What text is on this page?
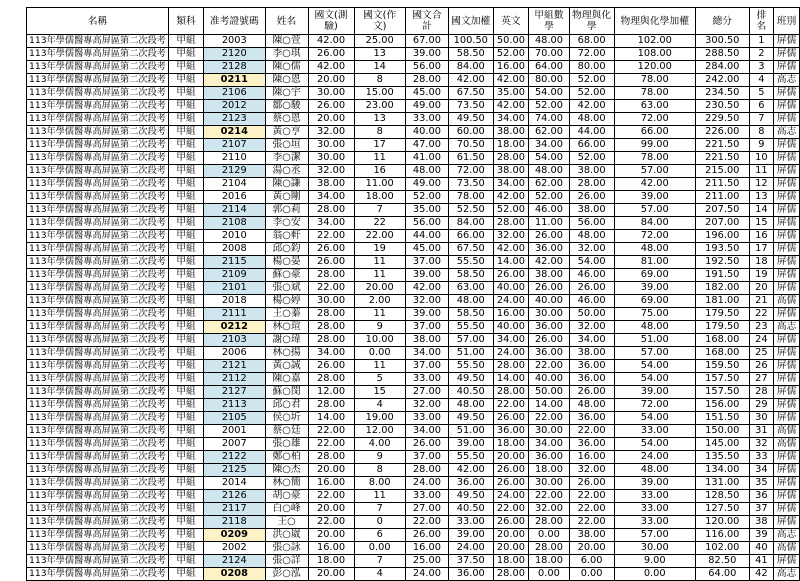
名稱	類科	准考證號碼	姓名	國文(測驗)	國文(作文)	國文合計	國文加權	英文	甲組數學	物理與化學	物理與化學加權	總分	排名	班別
113年學儒醫專高屏區第二次段考	甲組	2003	陳○萱	42.00	25.00	67.00	100.50	50.00	48.00	68.00	102.00	300.50	1	屏儒
113年學儒醫專高屏區第二次段考	甲組	2120	李○琪	26.00	13	39.00	58.50	52.00	70.00	72.00	108.00	288.50	2	屏儒
113年學儒醫專高屏區第二次段考	甲組	2128	陳○儒	42.00	14	56.00	84.00	16.00	64.00	80.00	120.00	284.00	3	屏儒
113年學儒醫專高屏區第二次段考	甲組	0211	陳○恩	20.00	8	28.00	42.00	42.00	80.00	52.00	78.00	242.00	4	高志
113年學儒醫專高屏區第二次段考	甲組	2106	陳○宇	30.00	15.00	45.00	67.50	35.00	54.00	52.00	78.00	234.50	5	屏儒
113年學儒醫專高屏區第二次段考	甲組	2012	鄒○駿	26.00	23.00	49.00	73.50	42.00	52.00	42.00	63.00	230.50	6	屏儒
113年學儒醫專高屏區第二次段考	甲組	2123	蔡○恩	20.00	13	33.00	49.50	34.00	74.00	48.00	72.00	229.50	7	屏儒
113年學儒醫專高屏區第二次段考	甲組	0214	黃○亨	32.00	8	40.00	60.00	38.00	62.00	44.00	66.00	226.00	8	高志
113年學儒醫專高屏區第二次段考	甲組	2107	張○垣	30.00	17	47.00	70.50	18.00	34.00	66.00	99.00	221.50	9	屏儒
113年學儒醫專高屏區第二次段考	甲組	2110	李○潔	30.00	11	41.00	61.50	28.00	54.00	52.00	78.00	221.50	10	屏儒
113年學儒醫專高屏區第二次段考	甲組	2129	湯○丞	32.00	16	48.00	72.00	38.00	48.00	38.00	57.00	215.00	11	屏儒
113年學儒醫專高屏區第二次段考	甲組	2104	陳○謙	38.00	11.00	49.00	73.50	34.00	62.00	28.00	42.00	211.50	12	屏儒
113年學儒醫專高屏區第二次段考	甲組	2016	黃○剛	34.00	18.00	52.00	78.00	42.00	52.00	26.00	39.00	211.00	13	屏儒
113年學儒醫專高屏區第二次段考	甲組	2114	郭○莉	28.00	7	35.00	52.50	52.00	46.00	38.00	57.00	207.50	14	屏儒
113年學儒醫專高屏區第二次段考	甲組	2108	李○安	34.00	22	56.00	84.00	28.00	11.00	56.00	84.00	207.00	15	屏儒
113年學儒醫專高屏區第二次段考	甲組	2010	翁○軒	22.00	22.00	44.00	66.00	32.00	26.00	48.00	72.00	196.00	16	屏儒
113年學儒醫專高屏區第二次段考	甲組	2008	邱○鈞	26.00	19	45.00	67.50	42.00	36.00	32.00	48.00	193.50	17	屏儒
113年學儒醫專高屏區第二次段考	甲組	2115	楊○晏	26.00	11	37.00	55.50	14.00	42.00	54.00	81.00	192.50	18	屏儒
113年學儒醫專高屏區第二次段考	甲組	2109	蘇○豪	28.00	11	39.00	58.50	26.00	38.00	46.00	69.00	191.50	19	屏儒
113年學儒醫專高屏區第二次段考	甲組	2101	張○斌	22.00	20.00	42.00	63.00	40.00	26.00	26.00	39.00	182.00	20	屏儒
113年學儒醫專高屏區第二次段考	甲組	2018	楊○婷	30.00	2.00	32.00	48.00	24.00	40.00	46.00	69.00	181.00	21	高儒
113年學儒醫專高屏區第二次段考	甲組	2111	王○蓁	28.00	11	39.00	58.50	16.00	30.00	50.00	75.00	179.50	22	屏儒
113年學儒醫專高屏區第二次段考	甲組	0212	林○瑄	28.00	9	37.00	55.50	40.00	36.00	32.00	48.00	179.50	23	高志
113年學儒醫專高屏區第二次段考	甲組	2103	謝○瑋	28.00	10.00	38.00	57.00	34.00	26.00	34.00	51.00	168.00	24	屏儒
113年學儒醫專高屏區第二次段考	甲組	2006	林○揚	34.00	0.00	34.00	51.00	24.00	36.00	38.00	57.00	168.00	25	屏儒
113年學儒醫專高屏區第二次段考	甲組	2121	黃○誠	26.00	11	37.00	55.50	28.00	22.00	36.00	54.00	159.50	26	屏儒
113年學儒醫專高屏區第二次段考	甲組	2112	陳○嘉	28.00	5	33.00	49.50	14.00	40.00	36.00	54.00	157.50	27	屏儒
113年學儒醫專高屏區第二次段考	甲組	2127	蘇○閔	12.00	15	27.00	40.50	28.00	50.00	26.00	39.00	157.50	28	屏儒
113年學儒醫專高屏區第二次段考	甲組	2113	邱○君	28.00	4	32.00	48.00	22.00	14.00	48.00	72.00	156.00	29	屏儒
113年學儒醫專高屏區第二次段考	甲組	2105	侯○圻	14.00	19.00	33.00	49.50	26.00	22.00	36.00	54.00	151.50	30	屏儒
113年學儒醫專高屏區第二次段考	甲組	2001	蔡○廷	22.00	12.00	34.00	51.00	36.00	30.00	22.00	33.00	150.00	31	高儒
113年學儒醫專高屏區第二次段考	甲組	2007	張○雄	22.00	4.00	26.00	39.00	18.00	34.00	36.00	54.00	145.00	32	高儒
113年學儒醫專高屏區第二次段考	甲組	2122	鄭○柏	28.00	9	37.00	55.50	20.00	36.00	16.00	24.00	135.50	33	屏儒
113年學儒醫專高屏區第二次段考	甲組	2125	陳○杰	20.00	8	28.00	42.00	26.00	18.00	32.00	48.00	134.00	34	屏儒
113年學儒醫專高屏區第二次段考	甲組	2014	林○簡	16.00	8.00	24.00	36.00	26.00	30.00	26.00	39.00	131.00	35	屏儒
113年學儒醫專高屏區第二次段考	甲組	2126	胡○豪	22.00	11	33.00	49.50	24.00	22.00	22.00	33.00	128.50	36	屏儒
113年學儒醫專高屏區第二次段考	甲組	2117	白○峰	20.00	7	27.00	40.50	22.00	32.00	22.00	33.00	127.50	37	屏儒
113年學儒醫專高屏區第二次段考	甲組	2118	王○	22.00	0	22.00	33.00	26.00	28.00	22.00	33.00	120.00	38	屏儒
113年學儒醫專高屏區第二次段考	甲組	0209	洪○崴	20.00	6	26.00	39.00	20.00	0.00	38.00	57.00	116.00	39	高志
113年學儒醫專高屏區第二次段考	甲組	2002	張○詠	16.00	0.00	16.00	24.00	20.00	28.00	20.00	30.00	102.00	40	高儒
113年學儒醫專高屏區第二次段考	甲組	2124	張○詳	18.00	7	25.00	37.50	18.00	18.00	6.00	9.00	82.50	41	屏儒
113年學儒醫專高屏區第二次段考	甲組	0208	彭○泓	20.00	4	24.00	36.00	28.00	0.00	0.00	0.00	64.00	42	高志
